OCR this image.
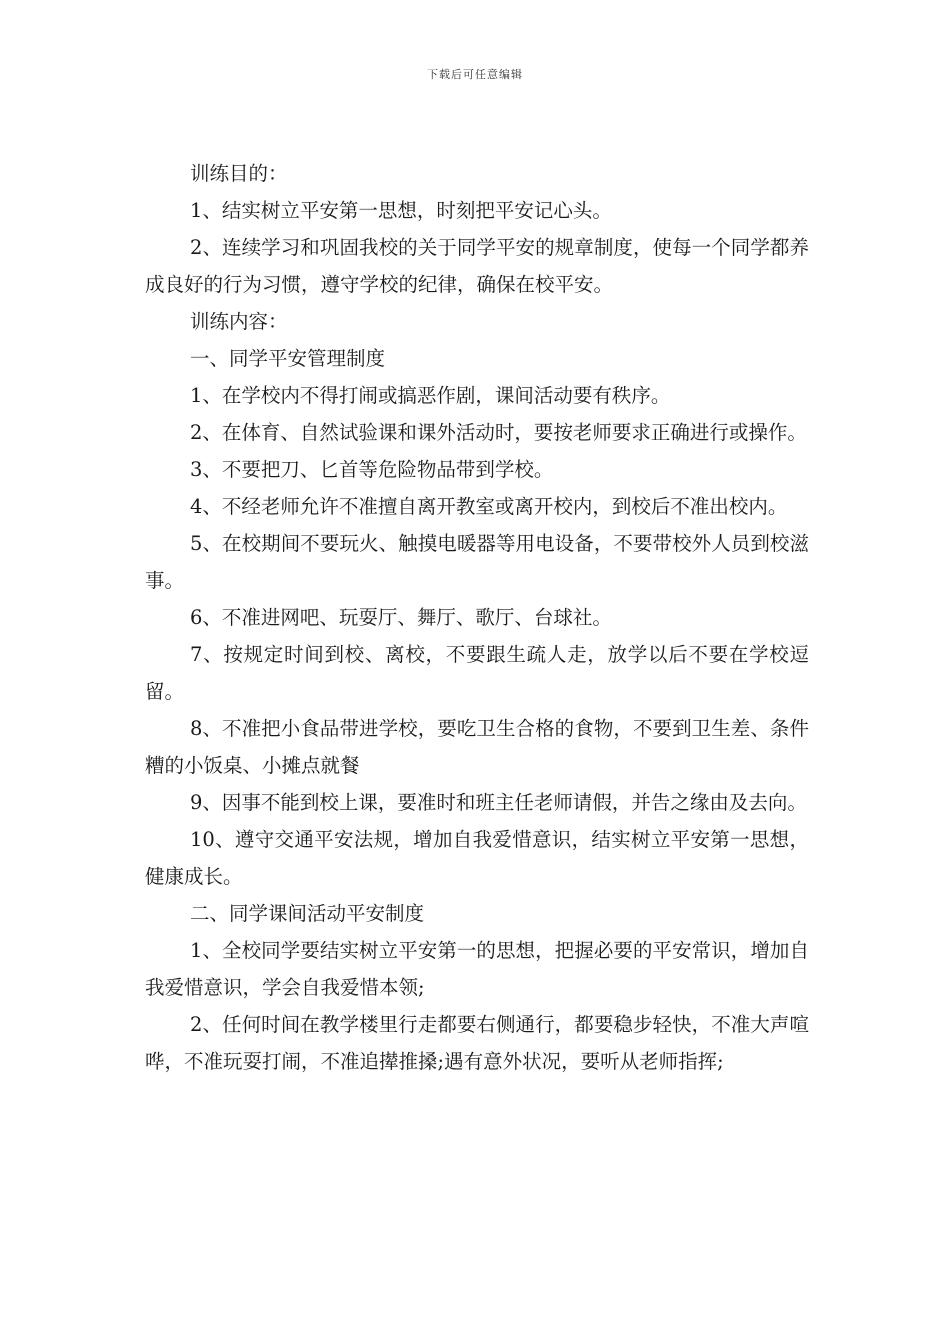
下载后可任意编辑

训练目的：

1、结实树立平安第一思想，时刻把平安记心头。

2、连续学习和巩固我校的关于同学平安的规章制度，使每一个同学都养成良好的行为习惯，遵守学校的纪律，确保在校平安。

训练内容：

一、同学平安管理制度

1、在学校内不得打闹或搞恶作剧，课间活动要有秩序。

2、在体育、自然试验课和课外活动时，要按老师要求正确进行或操作。

3、不要把刀、匕首等危险物品带到学校。

4、不经老师允许不准擅自离开教室或离开校内，到校后不准出校内。

5、在校期间不要玩火、触摸电暖器等用电设备，不要带校外人员到校滋事。

6、不准进网吧、玩耍厅、舞厅、歌厅、台球社。

7、按规定时间到校、离校，不要跟生疏人走，放学以后不要在学校逗留。

8、不准把小食品带进学校，要吃卫生合格的食物，不要到卫生差、条件糟的小饭桌、小摊点就餐

9、因事不能到校上课，要准时和班主任老师请假，并告之缘由及去向。

10、遵守交通平安法规，增加自我爱惜意识，结实树立平安第一思想，健康成长。

二、同学课间活动平安制度

1、全校同学要结实树立平安第一的思想，把握必要的平安常识，增加自我爱惜意识，学会自我爱惜本领;

2、任何时间在教学楼里行走都要右侧通行，都要稳步轻快，不准大声喧哗，不准玩耍打闹，不准追撵推搡;遇有意外状况，要听从老师指挥;
